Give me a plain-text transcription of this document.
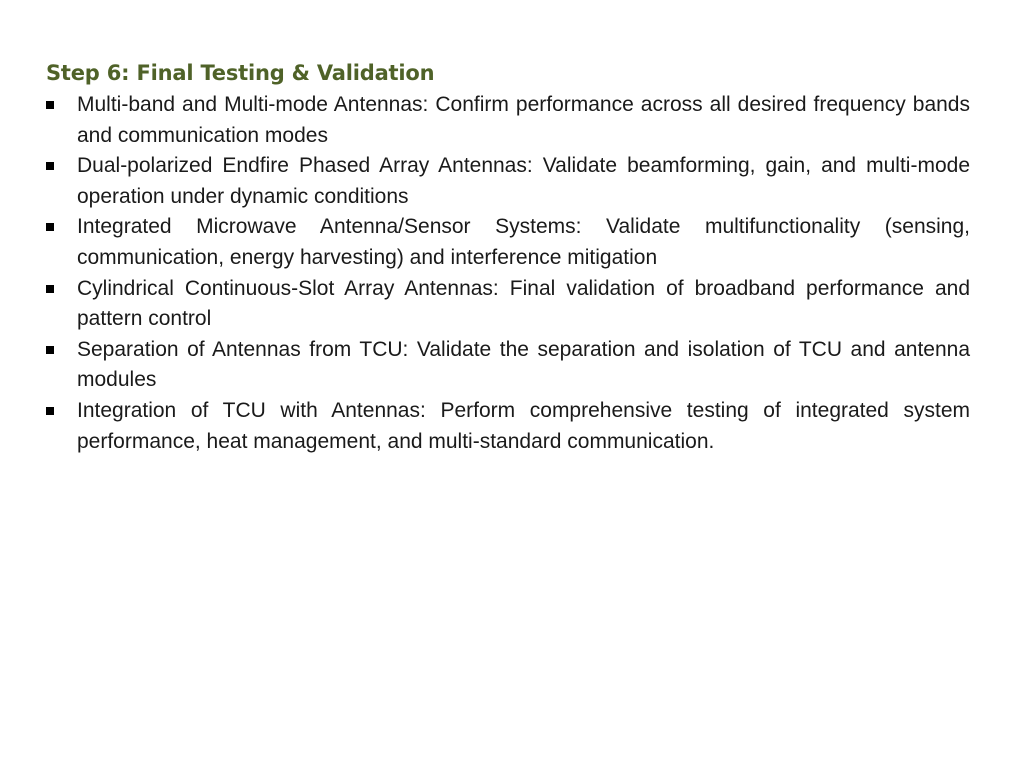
Step 6: Final Testing & Validation
Multi-band and Multi-mode Antennas: Confirm performance across all desired frequency bands and communication modes
Dual-polarized Endfire Phased Array Antennas: Validate beamforming, gain, and multi-mode operation under dynamic conditions
Integrated Microwave Antenna/Sensor Systems: Validate multifunctionality (sensing, communication, energy harvesting) and interference mitigation
Cylindrical Continuous-Slot Array Antennas: Final validation of broadband performance and pattern control
Separation of Antennas from TCU: Validate the separation and isolation of TCU and antenna modules
Integration of TCU with Antennas: Perform comprehensive testing of integrated system performance, heat management, and multi-standard communication.
